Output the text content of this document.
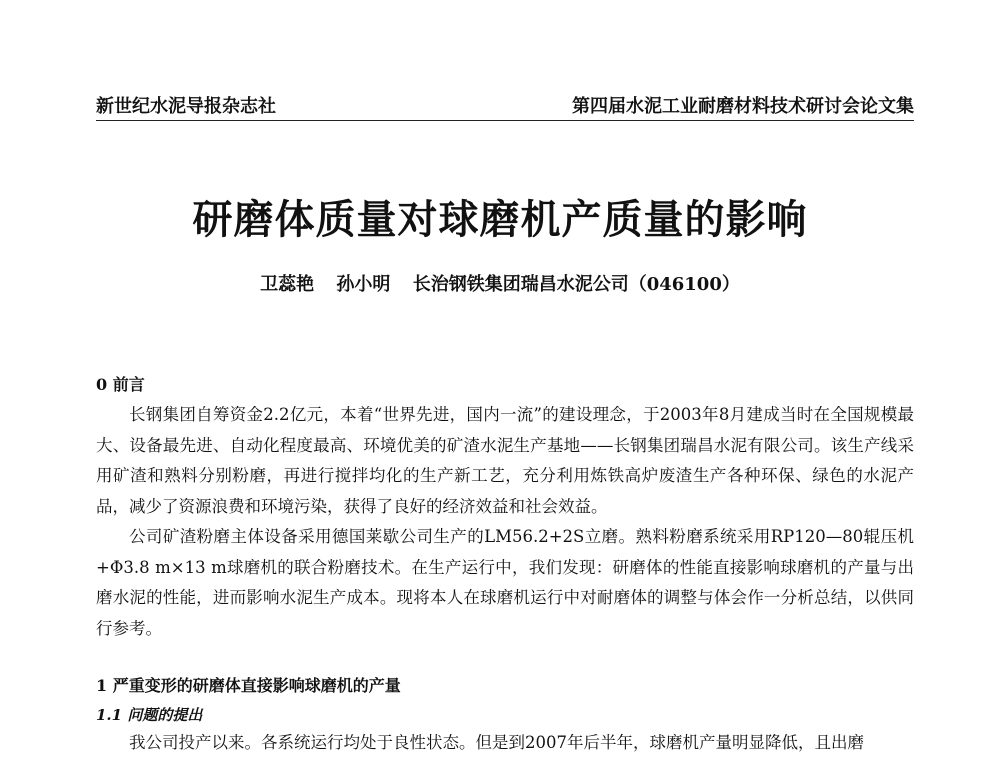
新世纪水泥导报杂志社	第四届水泥工业耐磨材料技术研讨会论文集
研磨体质量对球磨机产质量的影响
卫蕊艳 孙小明 长治钢铁集团瑞昌水泥公司（046100）
0 前言
长钢集团自筹资金2.2亿元，本着“世界先进，国内一流”的建设理念，于2003年8月建成当时在全国规模最大、设备最先进、自动化程度最高、环境优美的矿渣水泥生产基地——长钢集团瑞昌水泥有限公司。该生产线采用矿渣和熟料分别粉磨，再进行搅拌均化的生产新工艺，充分利用炼铁高炉废渣生产各种环保、绿色的水泥产品，减少了资源浪费和环境污染，获得了良好的经济效益和社会效益。
公司矿渣粉磨主体设备采用德国莱歇公司生产的LM56.2+2S立磨。熟料粉磨系统采用RP120—80辊压机+Φ3.8 m×13 m球磨机的联合粉磨技术。在生产运行中，我们发现：研磨体的性能直接影响球磨机的产量与出磨水泥的性能，进而影响水泥生产成本。现将本人在球磨机运行中对耐磨体的调整与体会作一分析总结，以供同行参考。
1 严重变形的研磨体直接影响球磨机的产量
1.1 问题的提出
我公司投产以来。各系统运行均处于良性状态。但是到2007年后半年，球磨机产量明显降低，且出磨
